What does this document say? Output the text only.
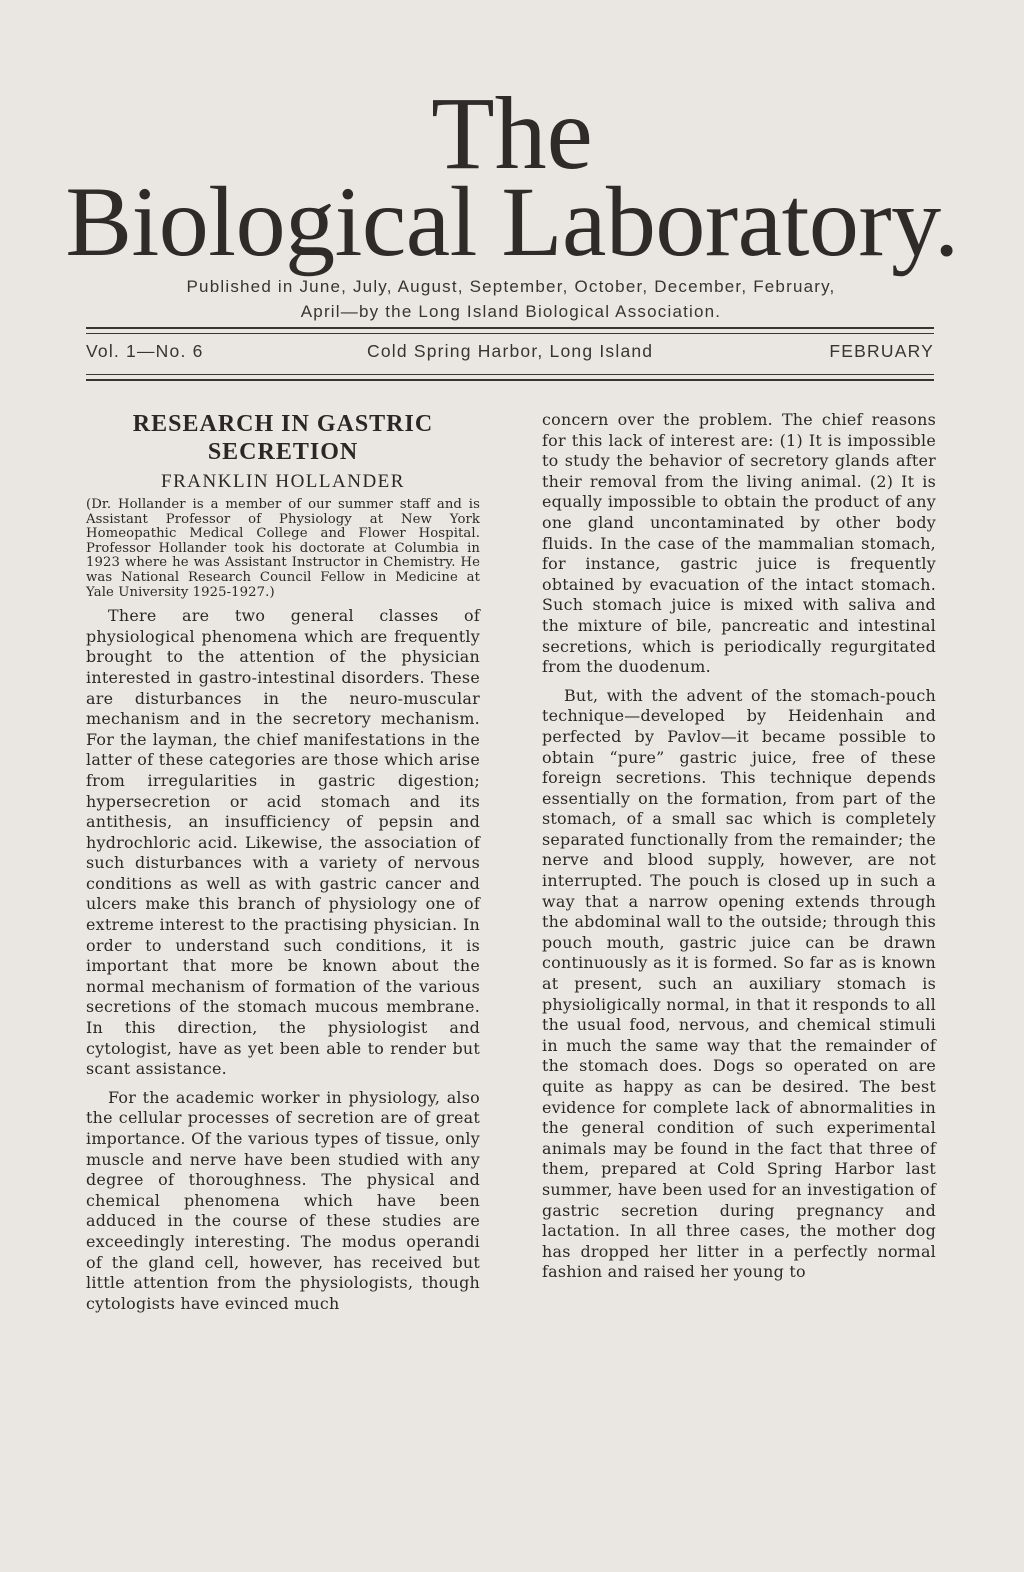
The
Biological Laboratory.
Published in June, July, August, September, October, December, February,
April—by the Long Island Biological Association.
Vol. 1—No. 6	Cold Spring Harbor, Long Island	FEBRUARY
RESEARCH IN GASTRIC
SECRETION
FRANKLIN HOLLANDER

(Dr. Hollander is a member of our summer staff and is Assistant Professor of Physiology at New York Homeopathic Medical College and Flower Hospital. Professor Hollander took his doctorate at Columbia in 1923 where he was Assistant Instructor in Chemistry. He was National Research Council Fellow in Medicine at Yale University 1925-1927.)

There are two general classes of physiological phenomena which are frequently brought to the attention of the physician interested in gastro-intestinal disorders. These are disturbances in the neuro-muscular mechanism and in the secretory mechanism. For the layman, the chief manifestations in the latter of these categories are those which arise from irregularities in gastric digestion; hypersecretion or acid stomach and its antithesis, an insufficiency of pepsin and hydrochloric acid. Likewise, the association of such disturbances with a variety of nervous conditions as well as with gastric cancer and ulcers make this branch of physiology one of extreme interest to the practising physician. In order to understand such conditions, it is important that more be known about the normal mechanism of formation of the various secretions of the stomach mucous membrane. In this direction, the physiologist and cytologist, have as yet been able to render but scant assistance.

For the academic worker in physiology, also the cellular processes of secretion are of great importance. Of the various types of tissue, only muscle and nerve have been studied with any degree of thoroughness. The physical and chemical phenomena which have been adduced in the course of these studies are exceedingly interesting. The modus operandi of the gland cell, however, has received but little attention from the physiologists, though cytologists have evinced much

concern over the problem. The chief reasons for this lack of interest are: (1) It is impossible to study the behavior of secretory glands after their removal from the living animal. (2) It is equally impossible to obtain the product of any one gland uncontaminated by other body fluids. In the case of the mammalian stomach, for instance, gastric juice is frequently obtained by evacuation of the intact stomach. Such stomach juice is mixed with saliva and the mixture of bile, pancreatic and intestinal secretions, which is periodically regurgitated from the duodenum.

But, with the advent of the stomach-pouch technique—developed by Heidenhain and perfected by Pavlov—it became possible to obtain “pure” gastric juice, free of these foreign secretions. This technique depends essentially on the formation, from part of the stomach, of a small sac which is completely separated functionally from the remainder; the nerve and blood supply, however, are not interrupted. The pouch is closed up in such a way that a narrow opening extends through the abdominal wall to the outside; through this pouch mouth, gastric juice can be drawn continuously as it is formed. So far as is known at present, such an auxiliary stomach is physioligically normal, in that it responds to all the usual food, nervous, and chemical stimuli in much the same way that the remainder of the stomach does. Dogs so operated on are quite as happy as can be desired. The best evidence for complete lack of abnormalities in the general condition of such experimental animals may be found in the fact that three of them, prepared at Cold Spring Harbor last summer, have been used for an investigation of gastric secretion during pregnancy and lactation. In all three cases, the mother dog has dropped her litter in a perfectly normal fashion and raised her young to
